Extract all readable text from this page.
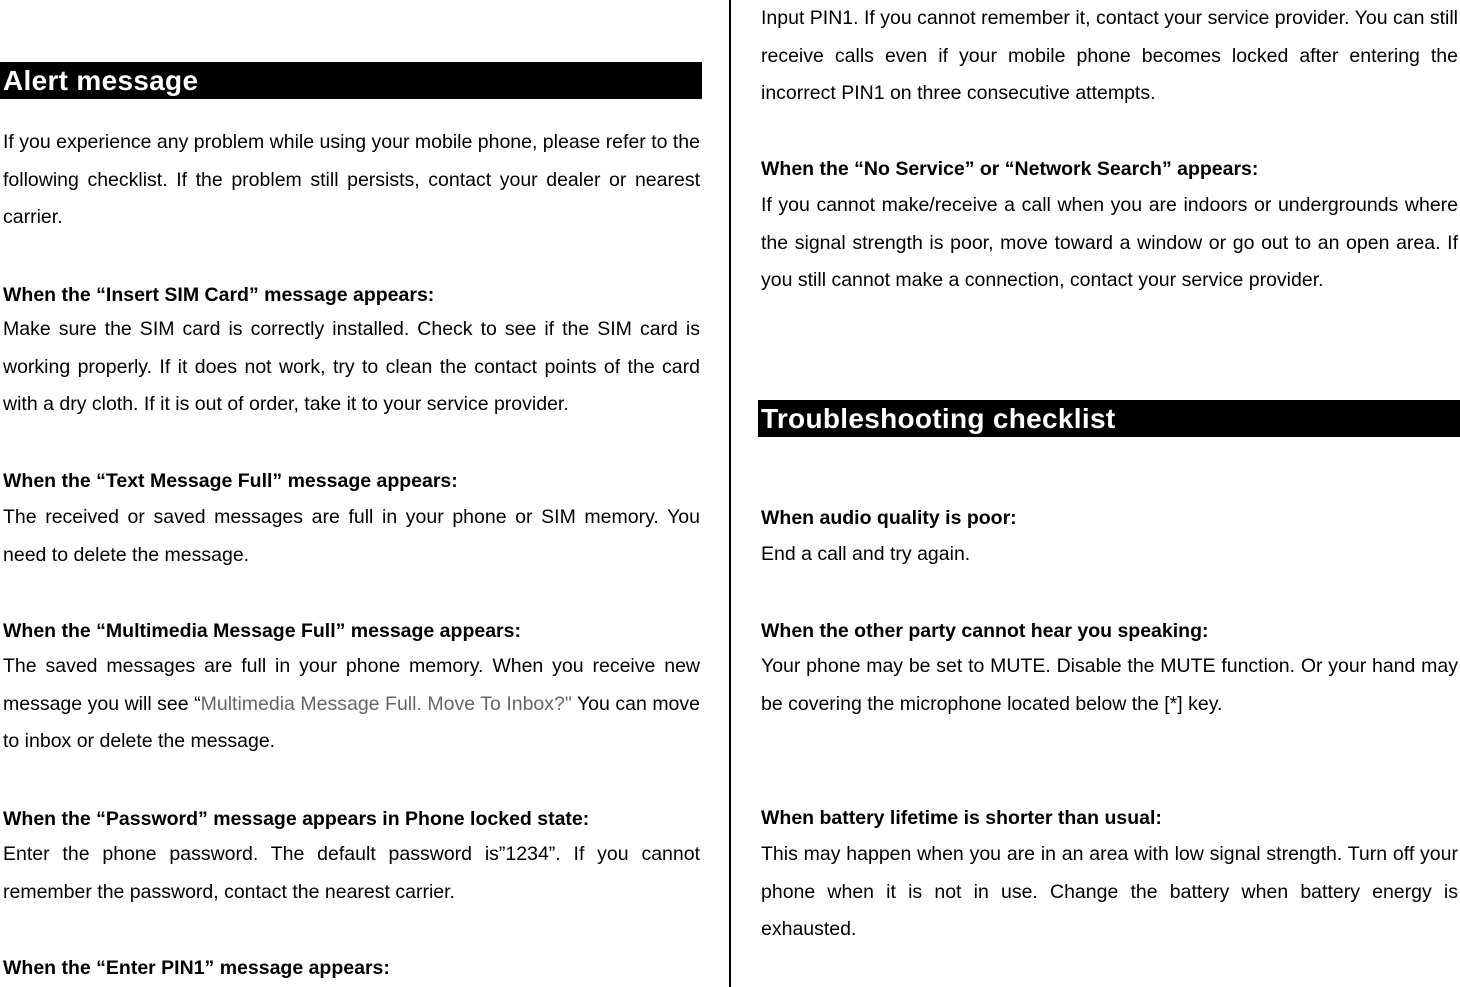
Alert message
If you experience any problem while using your mobile phone, please refer to the following checklist. If the problem still persists, contact your dealer or nearest carrier.
When the “Insert SIM Card” message appears:
Make sure the SIM card is correctly installed. Check to see if the SIM card is working properly. If it does not work, try to clean the contact points of the card with a dry cloth. If it is out of order, take it to your service provider.
When the “Text Message Full” message appears:
The received or saved messages are full in your phone or SIM memory. You need to delete the message.
When the “Multimedia Message Full” message appears:
The saved messages are full in your phone memory. When you receive new message you will see “Multimedia Message Full. Move To Inbox?" You can move to inbox or delete the message.
When the “Password” message appears in Phone locked state:
Enter the phone password. The default password is”1234”. If you cannot remember the password, contact the nearest carrier.
When the “Enter PIN1” message appears:
Input PIN1. If you cannot remember it, contact your service provider. You can still receive calls even if your mobile phone becomes locked after entering the incorrect PIN1 on three consecutive attempts.
When the “No Service” or “Network Search” appears:
If you cannot make/receive a call when you are indoors or undergrounds where the signal strength is poor, move toward a window or go out to an open area. If you still cannot make a connection, contact your service provider.
Troubleshooting checklist
When audio quality is poor:
End a call and try again.
When the other party cannot hear you speaking:
Your phone may be set to MUTE. Disable the MUTE function. Or your hand may be covering the microphone located below the [*] key.
When battery lifetime is shorter than usual:
This may happen when you are in an area with low signal strength. Turn off your phone when it is not in use. Change the battery when battery energy is exhausted.
